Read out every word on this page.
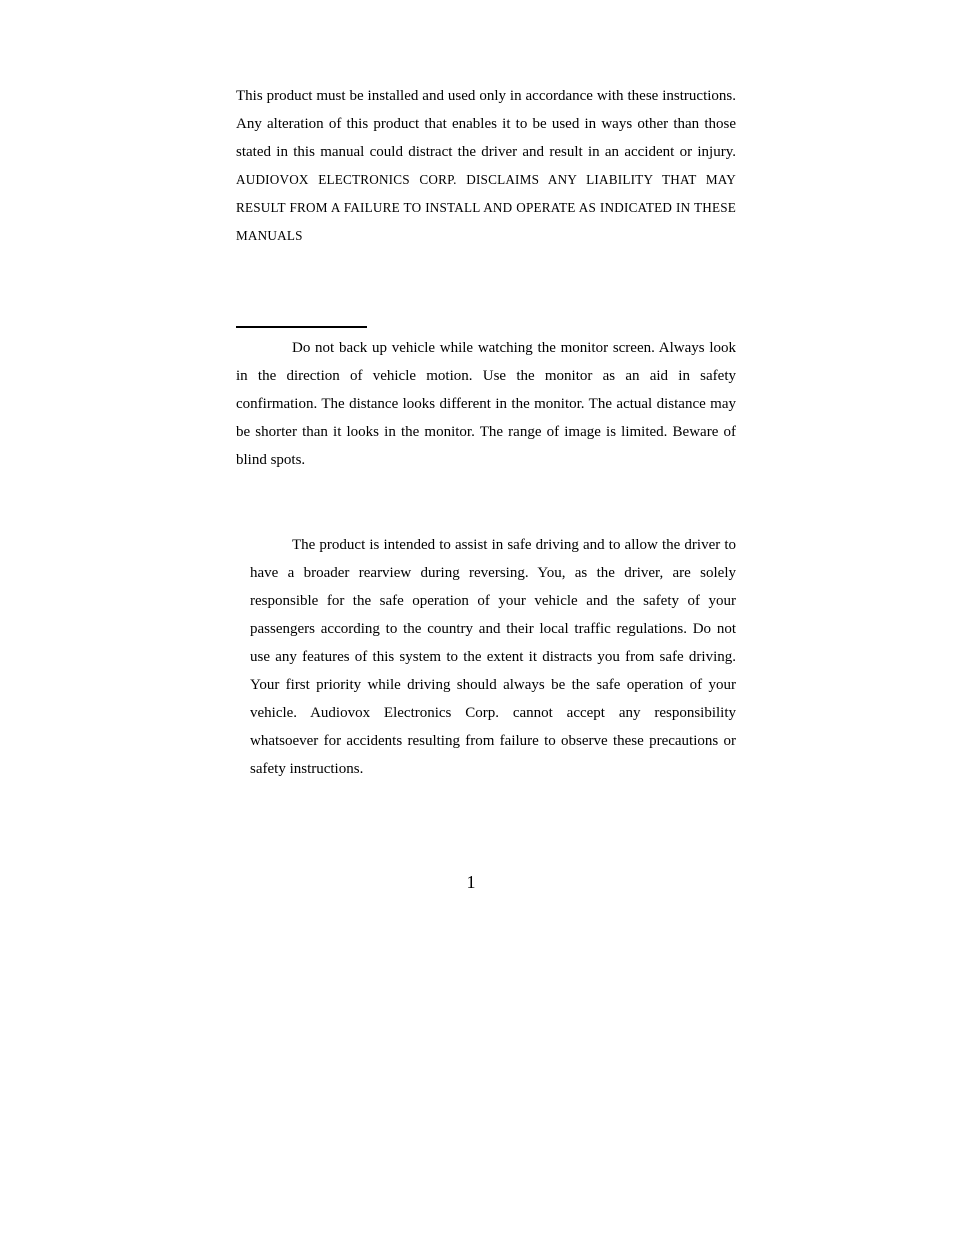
This product must be installed and used only in accordance with these instructions. Any alteration of this product that enables it to be used in ways other than those stated in this manual could distract the driver and result in an accident or injury. AUDIOVOX ELECTRONICS CORP. DISCLAIMS ANY LIABILITY THAT MAY RESULT FROM A FAILURE TO INSTALL AND OPERATE AS INDICATED IN THESE MANUALS

Do not back up vehicle while watching the monitor screen. Always look in the direction of vehicle motion. Use the monitor as an aid in safety confirmation. The distance looks different in the monitor. The actual distance may be shorter than it looks in the monitor. The range of image is limited. Beware of blind spots.

The product is intended to assist in safe driving and to allow the driver to have a broader rearview during reversing. You, as the driver, are solely responsible for the safe operation of your vehicle and the safety of your passengers according to the country and their local traffic regulations. Do not use any features of this system to the extent it distracts you from safe driving. Your first priority while driving should always be the safe operation of your vehicle. Audiovox Electronics Corp. cannot accept any responsibility whatsoever for accidents resulting from failure to observe these precautions or safety instructions.

1
